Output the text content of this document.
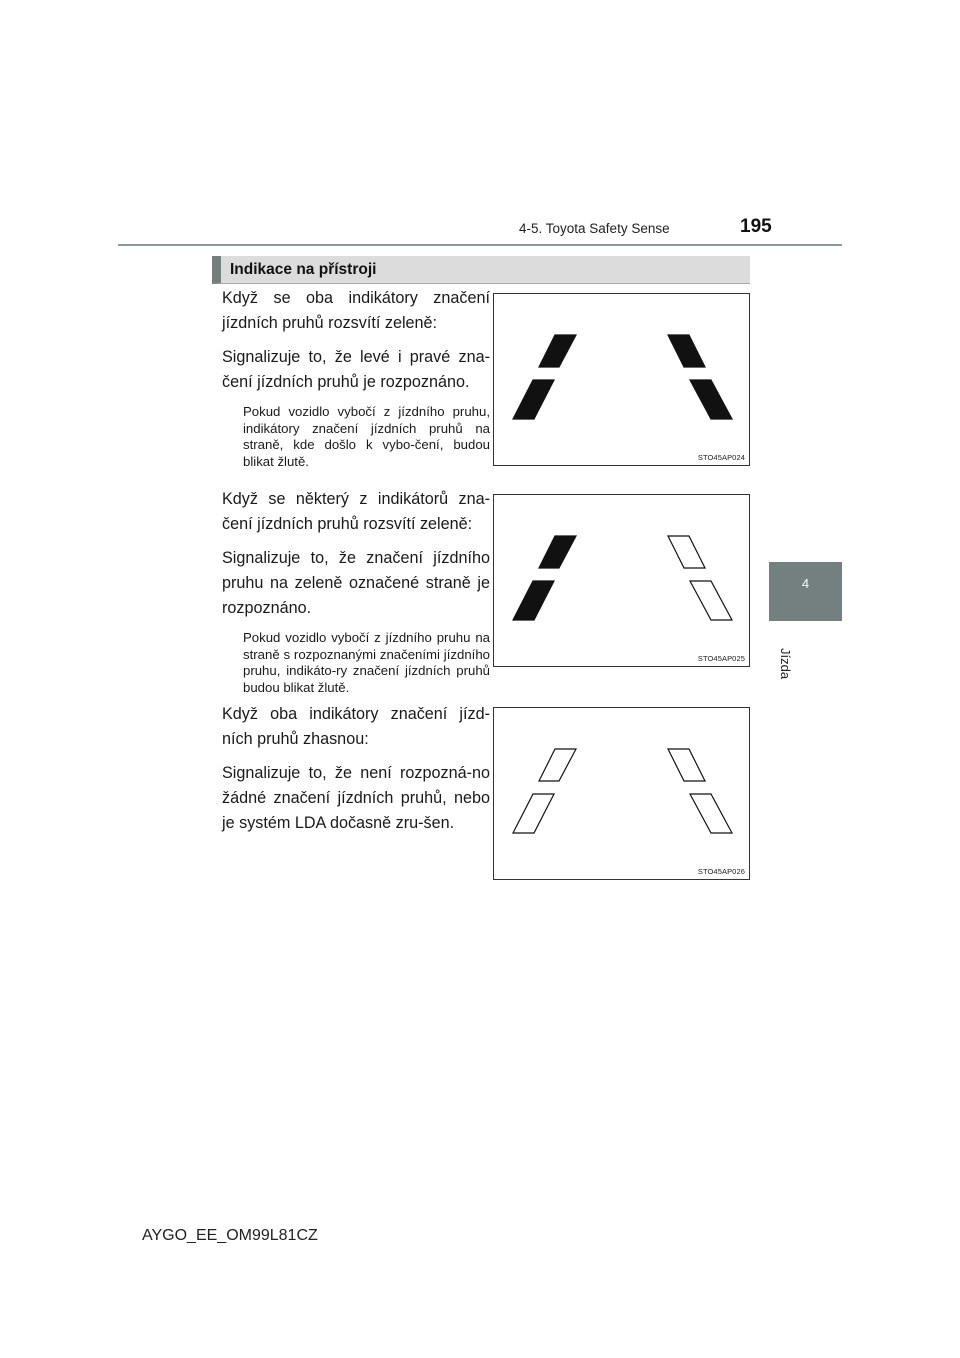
4-5. Toyota Safety Sense	195
4
Jízda
Indikace na přístroji

Když se oba indikátory značení jízdních pruhů rozsvítí zeleně:

Signalizuje to, že levé i pravé zna-čení jízdních pruhů je rozpoznáno.

Pokud vozidlo vybočí z jízdního pruhu, indikátory značení jízdních pruhů na straně, kde došlo k vybo-čení, budou blikat žlutě.

Když se některý z indikátorů zna-čení jízdních pruhů rozsvítí zeleně:

Signalizuje to, že značení jízdního pruhu na zeleně označené straně je rozpoznáno.

Pokud vozidlo vybočí z jízdního pruhu na straně s rozpoznanými značeními jízdního pruhu, indikáto-ry značení jízdních pruhů budou blikat žlutě.

Když oba indikátory značení jízd-ních pruhů zhasnou:

Signalizuje to, že není rozpozná-no žádné značení jízdních pruhů, nebo je systém LDA dočasně zru-šen.

STO45AP024
STO45AP025
STO45AP026
AYGO_EE_OM99L81CZ
